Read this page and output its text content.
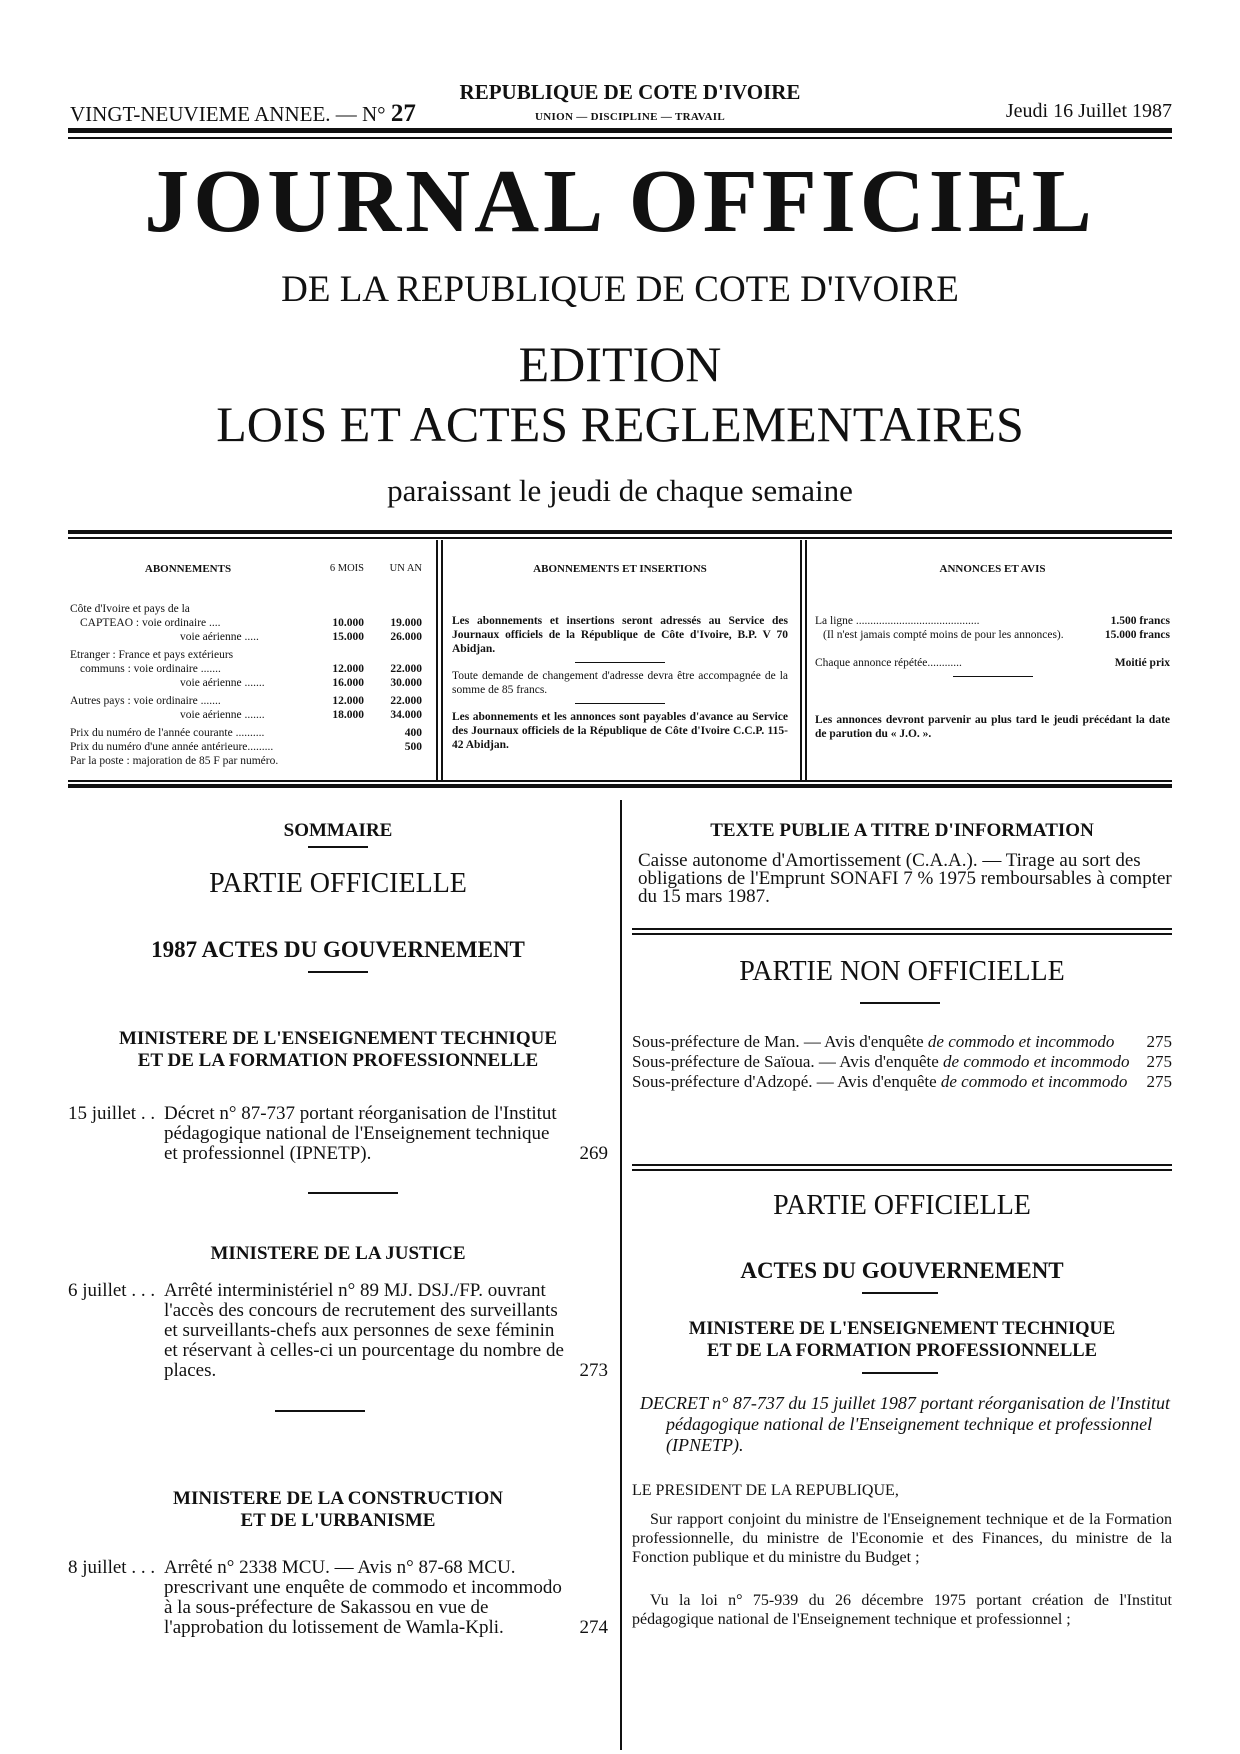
VINGT-NEUVIEME ANNEE. — N° 27
REPUBLIQUE DE COTE D'IVOIRE
UNION — DISCIPLINE — TRAVAIL	Jeudi 16 Juillet 1987
JOURNAL OFFICIEL
DE LA REPUBLIQUE DE COTE D'IVOIRE
EDITION
LOIS ET ACTES REGLEMENTAIRES
paraissant le jeudi de chaque semaine
ABONNEMENTS	6 MOIS	UN AN
Côte d'Ivoire et pays de la
CAPTEAO : voie ordinaire ....	10.000	19.000
voie aérienne .....	15.000	26.000
Etranger : France et pays extérieurs
communs : voie ordinaire .......	12.000	22.000
voie aérienne .......	16.000	30.000
Autres pays : voie ordinaire .......	12.000	22.000
voie aérienne .......	18.000	34.000
Prix du numéro de l'année courante ..........	400
Prix du numéro d'une année antérieure.........	500
Par la poste : majoration de 85 F par numéro.
ABONNEMENTS ET INSERTIONS
Les abonnements et insertions seront adressés au Service des Journaux officiels de la République de Côte d'Ivoire, B.P. V 70 Abidjan.
Toute demande de changement d'adresse devra être accompagnée de la somme de 85 francs.
Les abonnements et les annonces sont payables d'avance au Service des Journaux officiels de la République de Côte d'Ivoire C.C.P. 115-42 Abidjan.
ANNONCES ET AVIS
La ligne ...........................................	1.500 francs
(Il n'est jamais compté moins de pour les annonces).	15.000 francs
Chaque annonce répétée............	Moitié prix
Les annonces devront parvenir au plus tard le jeudi précédant la date de parution du « J.O. ».
SOMMAIRE
PARTIE OFFICIELLE
1987 ACTES DU GOUVERNEMENT
MINISTERE DE L'ENSEIGNEMENT TECHNIQUE
ET DE LA FORMATION PROFESSIONNELLE
15 juillet . . Décret n° 87-737 portant réorganisation de l'Institut pédagogique national de l'Enseignement technique et professionnel (IPNETP).	269
MINISTERE DE LA JUSTICE
6 juillet . . . Arrêté interministériel n° 89 MJ. DSJ./FP. ouvrant l'accès des concours de recrutement des surveillants et surveillants-chefs aux personnes de sexe féminin et réservant à celles-ci un pourcentage du nombre de places.	273
MINISTERE DE LA CONSTRUCTION
ET DE L'URBANISME
8 juillet . . . Arrêté n° 2338 MCU. — Avis n° 87-68 MCU. prescrivant une enquête de commodo et incommodo à la sous-préfecture de Sakassou en vue de l'approbation du lotissement de Wamla-Kpli.	274
TEXTE PUBLIE A TITRE D'INFORMATION
Caisse autonome d'Amortissement (C.A.A.). — Tirage au sort des obligations de l'Emprunt SONAFI 7 % 1975 remboursables à compter du 15 mars 1987.
PARTIE NON OFFICIELLE
Sous-préfecture de Man. — Avis d'enquête de commodo et incommodo	275
Sous-préfecture de Saïoua. — Avis d'enquête de commodo et incommodo 275
Sous-préfecture d'Adzopé. — Avis d'enquête de commodo et incommodo	275
PARTIE OFFICIELLE
ACTES DU GOUVERNEMENT
MINISTERE DE L'ENSEIGNEMENT TECHNIQUE
ET DE LA FORMATION PROFESSIONNELLE
DECRET n° 87-737 du 15 juillet 1987 portant réorganisation de l'Institut pédagogique national de l'Enseignement technique et professionnel (IPNETP).
LE PRESIDENT DE LA REPUBLIQUE,
Sur rapport conjoint du ministre de l'Enseignement technique et de la Formation professionnelle, du ministre de l'Economie et des Finances, du ministre de la Fonction publique et du ministre du Budget ;
Vu la loi n° 75-939 du 26 décembre 1975 portant création de l'Institut pédagogique national de l'Enseignement technique et professionnel ;
